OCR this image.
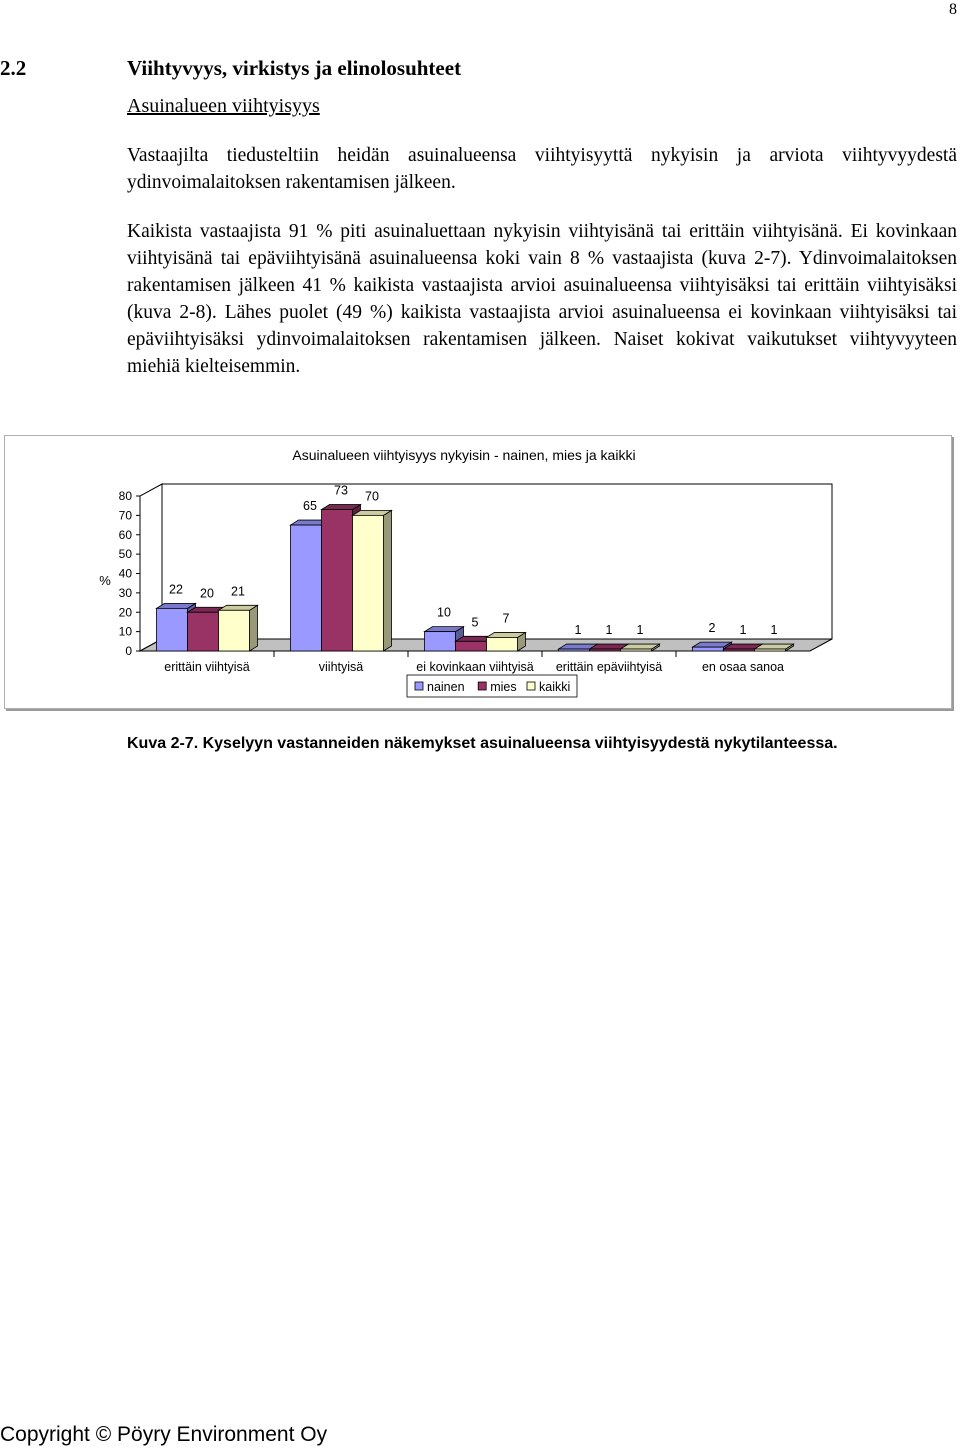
8
2.2	Viihtyvyys, virkistys ja elinolosuhteet
Asuinalueen viihtyisyys

Vastaajilta tiedusteltiin heidän asuinalueensa viihtyisyyttä nykyisin ja arviota viihtyvyydestä ydinvoimalaitoksen rakentamisen jälkeen.

Kaikista vastaajista 91 % piti asuinaluettaan nykyisin viihtyisänä tai erittäin viihtyisänä. Ei kovinkaan viihtyisänä tai epäviihtyisänä asuinalueensa koki vain 8 % vastaajista (kuva 2-7). Ydinvoimalaitoksen rakentamisen jälkeen 41 % kaikista vastaajista arvioi asuinalueensa viihtyisäksi tai erittäin viihtyisäksi (kuva 2-8). Lähes puolet (49 %) kaikista vastaajista arvioi asuinalueensa ei kovinkaan viihtyisäksi tai epäviihtyisäksi ydinvoimalaitoksen rakentamisen jälkeen. Naiset kokivat vaikutukset viihtyvyyteen miehiä kielteisemmin.

Asuinalueen viihtyisyys nykyisin - nainen, mies ja kaikki
%
0
10
20
30
40
50
60
70
80
erittäin viihtyisä	viihtyisä	ei kovinkaan viihtyisä erittäin epäviihtyisä	en osaa sanoa
22 20 21
65
73 70
10
5 7
1 1 1	2 1 1
nainen mies kaikki
Kuva 2-7. Kyselyyn vastanneiden näkemykset asuinalueensa viihtyisyydestä nykytilanteessa.
Copyright © Pöyry Environment Oy
